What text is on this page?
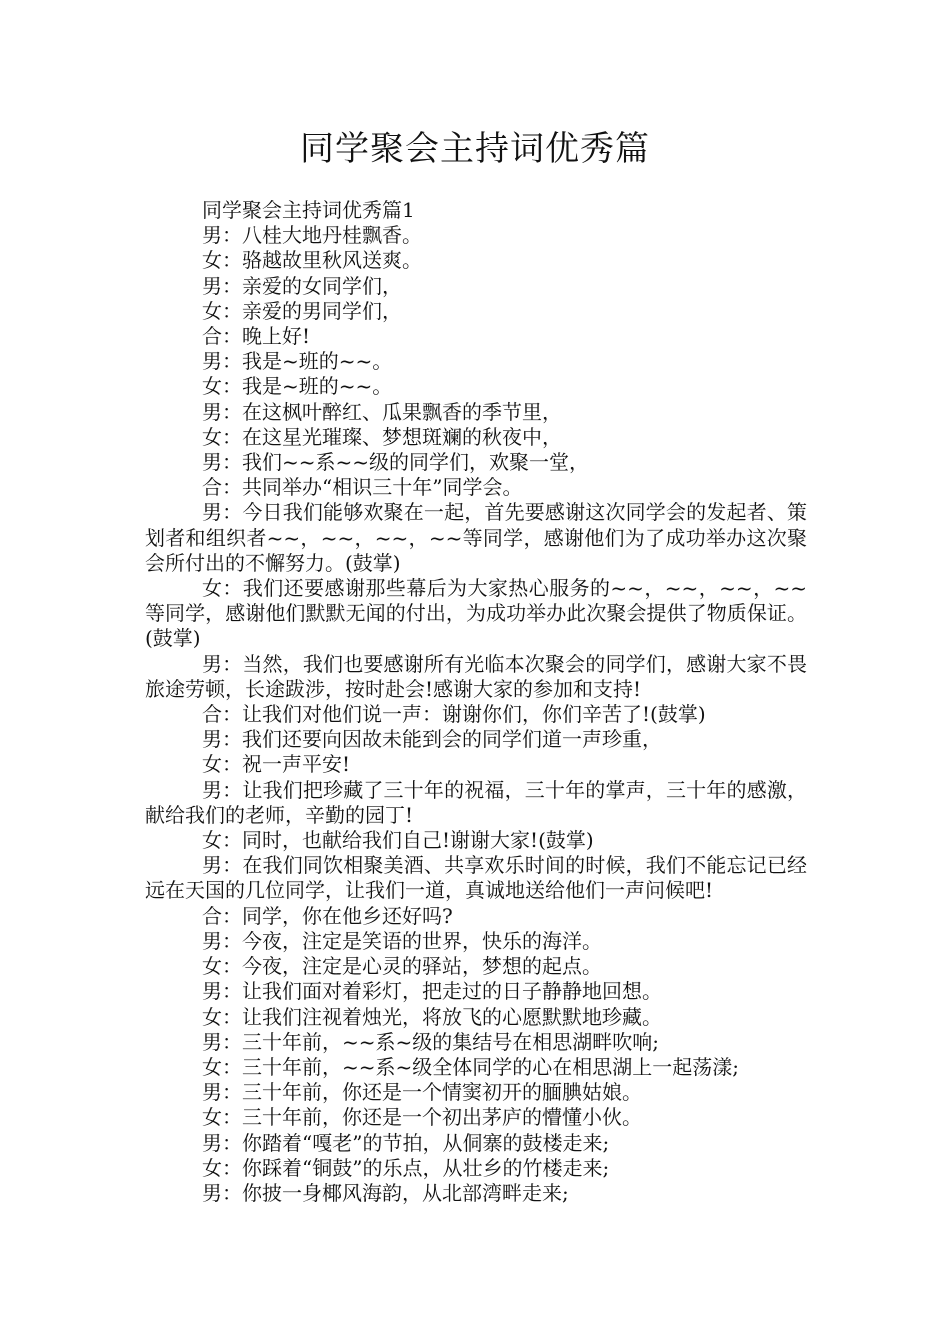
同学聚会主持词优秀篇

同学聚会主持词优秀篇1

男：八桂大地丹桂飘香。

女：骆越故里秋风送爽。

男：亲爱的女同学们，

女：亲爱的男同学们，

合：晚上好!

男：我是~班的~~。

女：我是~班的~~。

男：在这枫叶醉红、瓜果飘香的季节里，

女：在这星光璀璨、梦想斑斓的秋夜中，

男：我们~~系~~级的同学们，欢聚一堂，

合：共同举办“相识三十年”同学会。

男：今日我们能够欢聚在一起，首先要感谢这次同学会的发起者、策划者和组织者~~，~~，~~，~~等同学，感谢他们为了成功举办这次聚会所付出的不懈努力。(鼓掌)

女：我们还要感谢那些幕后为大家热心服务的~~，~~，~~，~~等同学，感谢他们默默无闻的付出，为成功举办此次聚会提供了物质保证。(鼓掌)

男：当然，我们也要感谢所有光临本次聚会的同学们，感谢大家不畏旅途劳顿，长途跋涉，按时赴会!感谢大家的参加和支持!

合：让我们对他们说一声：谢谢你们，你们辛苦了!(鼓掌)

男：我们还要向因故未能到会的同学们道一声珍重，

女：祝一声平安!

男：让我们把珍藏了三十年的祝福，三十年的掌声，三十年的感激，献给我们的老师，辛勤的园丁!

女：同时，也献给我们自己!谢谢大家!(鼓掌)

男：在我们同饮相聚美酒、共享欢乐时间的时候，我们不能忘记已经远在天国的几位同学，让我们一道，真诚地送给他们一声问候吧!

合：同学，你在他乡还好吗?

男：今夜，注定是笑语的世界，快乐的海洋。

女：今夜，注定是心灵的驿站，梦想的起点。

男：让我们面对着彩灯，把走过的日子静静地回想。

女：让我们注视着烛光，将放飞的心愿默默地珍藏。

男：三十年前，~~系~级的集结号在相思湖畔吹响;

女：三十年前，~~系~级全体同学的心在相思湖上一起荡漾;

男：三十年前，你还是一个情窦初开的腼腆姑娘。

女：三十年前，你还是一个初出茅庐的懵懂小伙。

男：你踏着“嘎老”的节拍，从侗寨的鼓楼走来;

女：你踩着“铜鼓”的乐点，从壮乡的竹楼走来;

男：你披一身椰风海韵，从北部湾畔走来;
